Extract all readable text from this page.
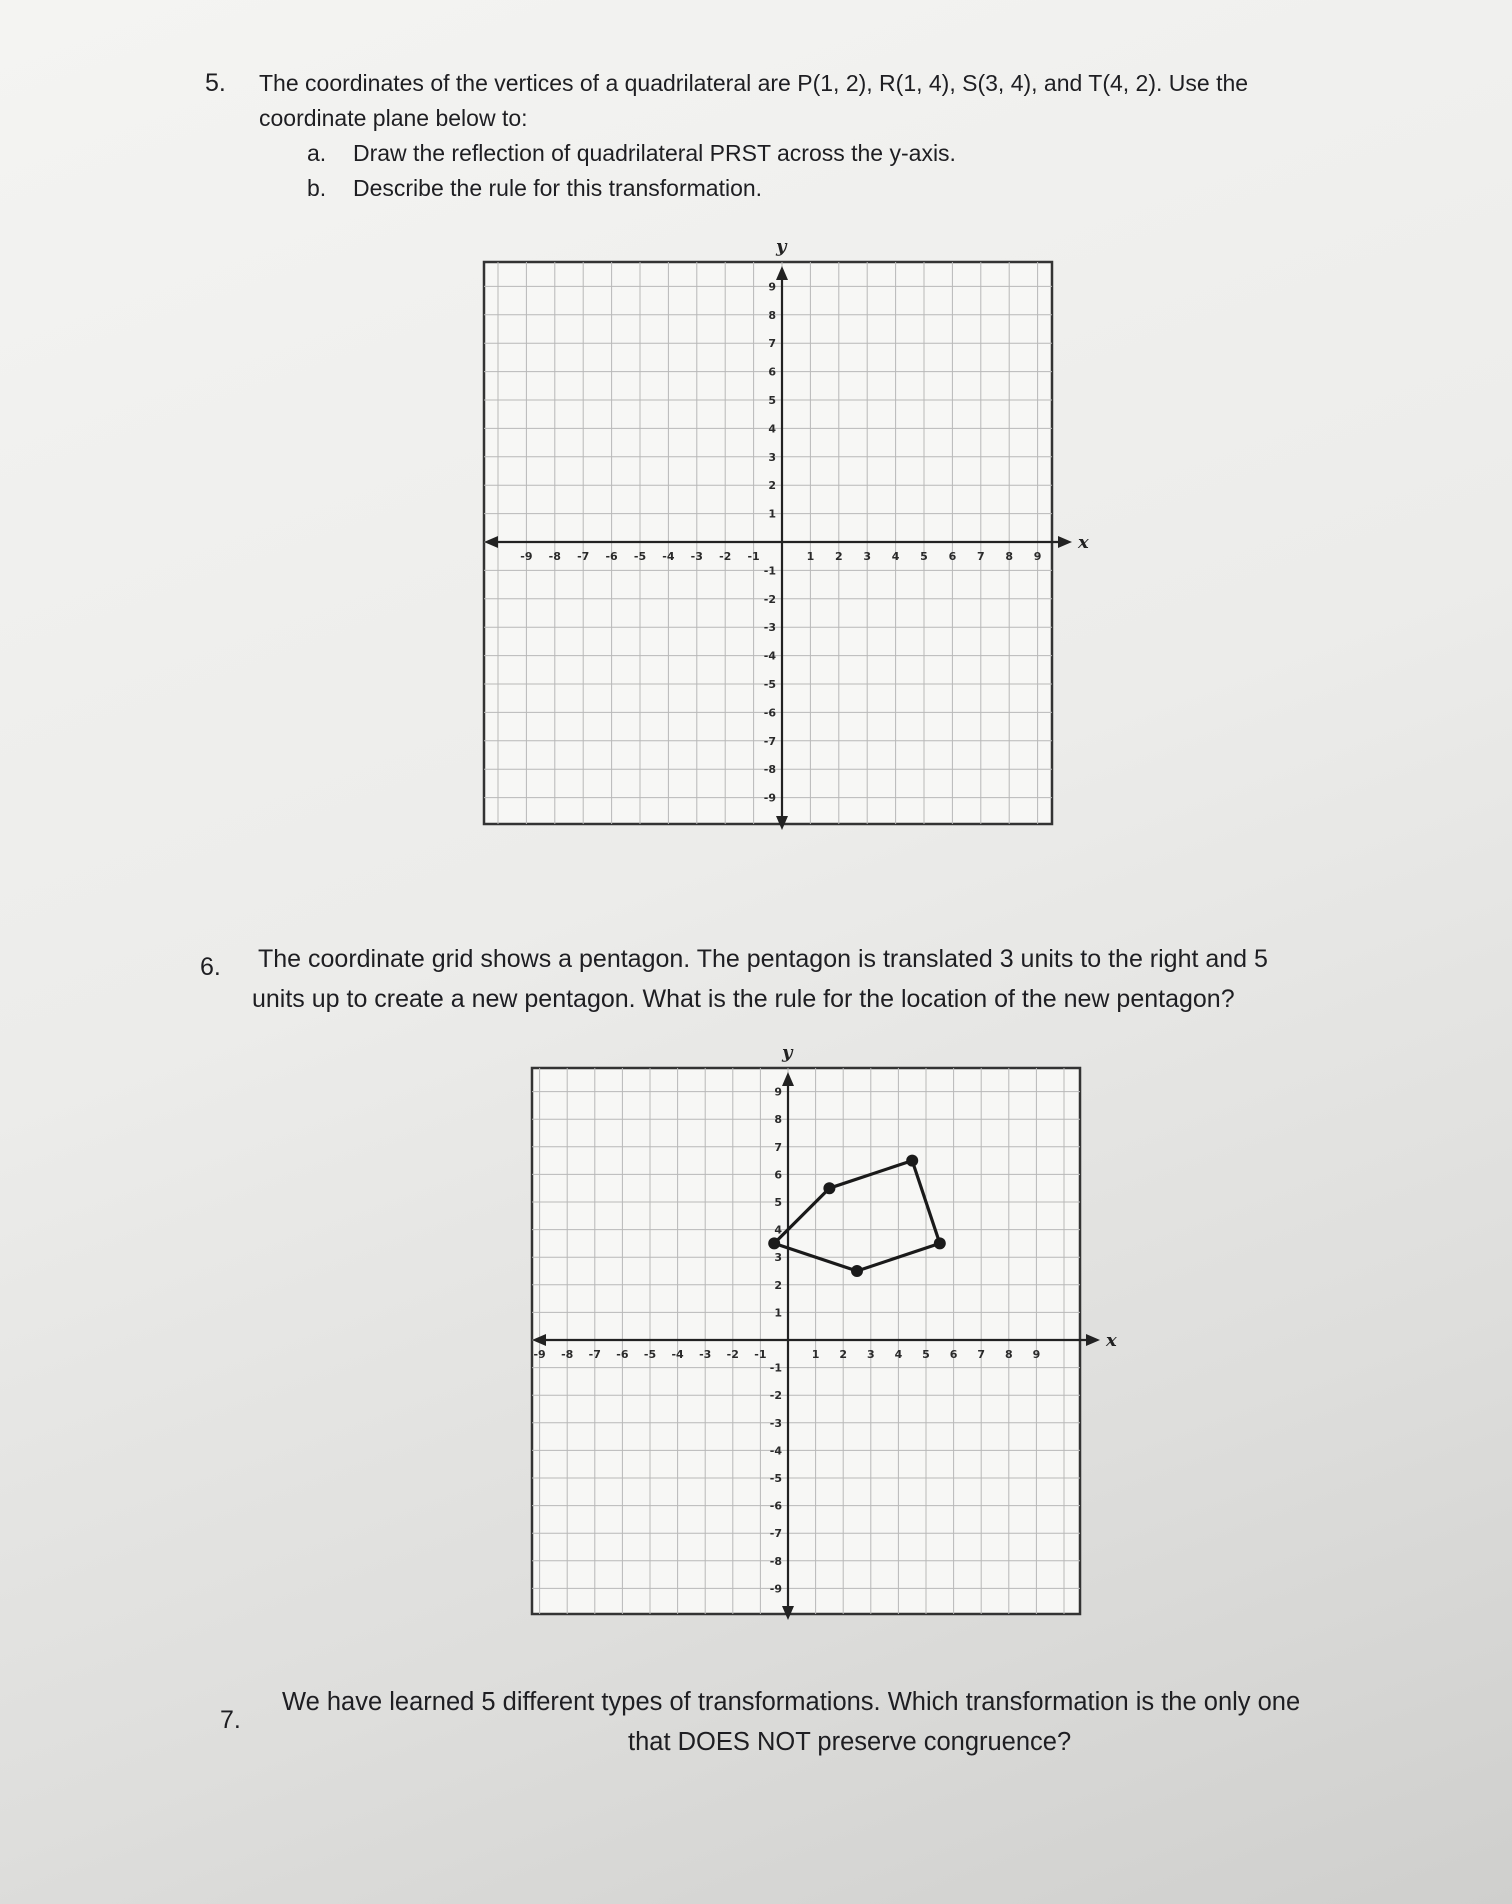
5. The coordinates of the vertices of a quadrilateral are P(1, 2), R(1, 4), S(3, 4), and T(4, 2). Use the
coordinate plane below to:
a. Draw the reflection of quadrilateral PRST across the y-axis.
b. Describe the rule for this transformation.
x
y
-9 -8 -7 -6 -5 -4 -3 -2 -1	1 2 3 4 5 6 7 8 9
9
8
7
6
5
4
3
2
1
-1
-2
-3
-4
-5
-6
-7
-8
-9
6. The coordinate grid shows a pentagon. The pentagon is translated 3 units to the right and 5
units up to create a new pentagon. What is the rule for the location of the new pentagon?
x
y
-9 -8 -7 -6 -5 -4 -3 -2 -1	1 2 3 4 5 6 7 8 9
9
8
7
6
5
4
3
2
1
-1
-2
-3
-4
-5
-6
-7
-8
-9
7.
We have learned 5 different types of transformations. Which transformation is the only one
that DOES NOT preserve congruence?
